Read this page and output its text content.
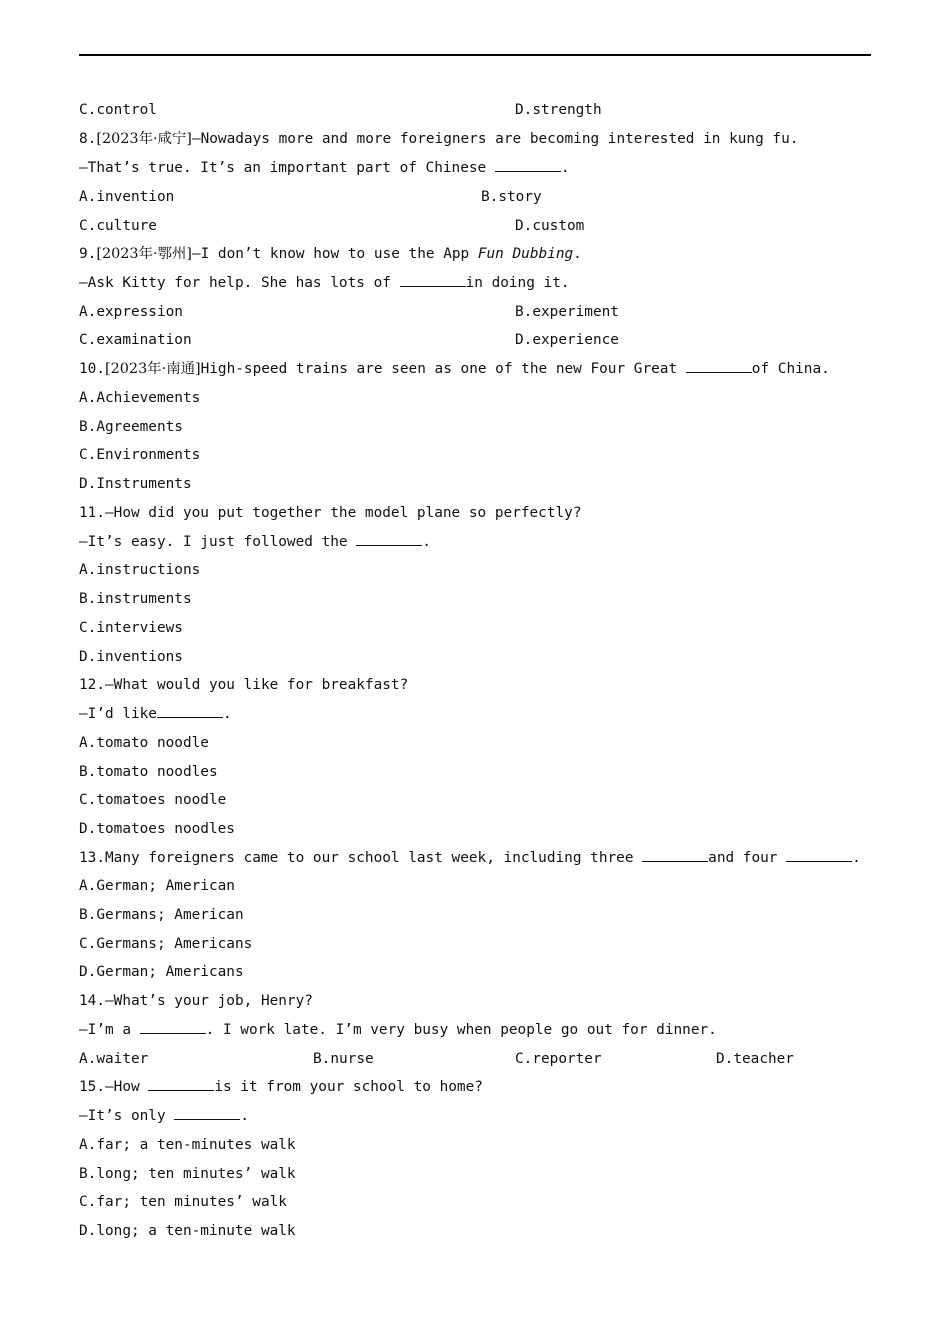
C.control	D.strength
8.[2023年·咸宁]—Nowadays more and more foreigners are becoming interested in kung fu.
—That’s true. It’s an important part of Chinese	.
A.invention	B.story
C.culture	D.custom
9.[2023年·鄂州]—I don’t know how to use the App Fun Dubbing.
—Ask Kitty for help. She has lots of	in doing it.
A.expression	B.experiment
C.examination	D.experience
10.[2023年·南通]High-speed trains are seen as one of the new Four Great	of China.
A.Achievements
B.Agreements
C.Environments
D.Instruments
11.—How did you put together the model plane so perfectly?
—It’s easy. I just followed the	.
A.instructions
B.instruments
C.interviews
D.inventions
12.—What would you like for breakfast?
—I’d like	.
A.tomato noodle
B.tomato noodles
C.tomatoes noodle
D.tomatoes noodles
13.Many foreigners came to our school last week, including three	and four	.
A.German; American
B.Germans; American
C.Germans; Americans
D.German; Americans
14.—What’s your job, Henry?
—I’m a	. I work late. I’m very busy when people go out for dinner.
A.waiter	B.nurse	C.reporter	D.teacher
15.—How	is it from your school to home?
—It’s only	.
A.far; a ten-minutes walk
B.long; ten minutes’ walk
C.far; ten minutes’ walk
D.long; a ten-minute walk
